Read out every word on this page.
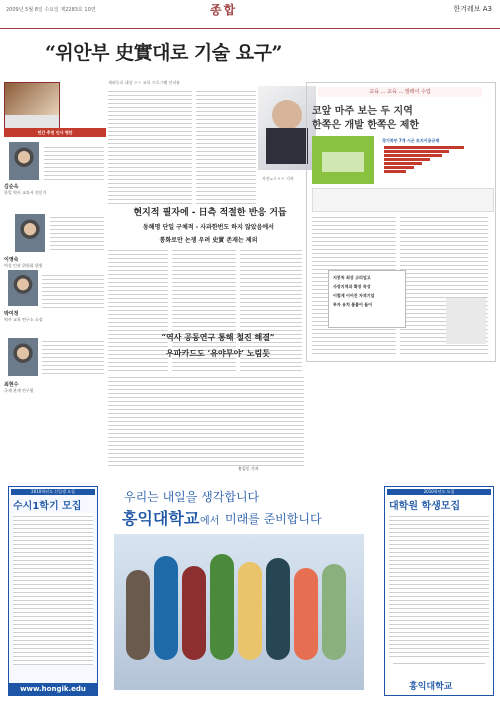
2009년 5월 8일 수요일 제2283호 10면	종합	한겨레보 A3
“위안부 史實대로 기술 요구”
민간 추천 인사 명단
김순옥
한일 역사 교과서 전문가
이영숙
여성 인권 위원회 위원
박미정
역사 교육 연구소 소장
최현수
국제 관계 연구원
재외동포 대상 ㅇㅇ 교육 프로그램 인터뷰
사진=ㅇㅇㅇ 기자
현지적 필자에 - 日측 적절한 반응 거듭
동해명 단일 구체적 - 사과한번도 하지 않았음에서
통화로만 논쟁 우려 史實 존재는 제외
“역사 공동연구 통해 철진 해결”
우파카드도 ‘유야무야’ 노림듯
홍길동 기자
교육 … 교육 … 발레이 수업
코앞 마주 보는 두 지역
한쪽은 개발 한쪽은 제한
경기북부 7개 시군 토지이용규제
지붕처 최상 고리업고
사장지역과 확장 목성
이렇게 이어진 자격기업
투자 유치 불붙어 들어
2010학년도 신입생 모집
수시1학기 모집
www.hongik.edu
우리는 내일을 생각합니다
홍익대학교 에서 미래를 준비합니다
2010학년도 모집
대학원 학생모집
홍익대학교
